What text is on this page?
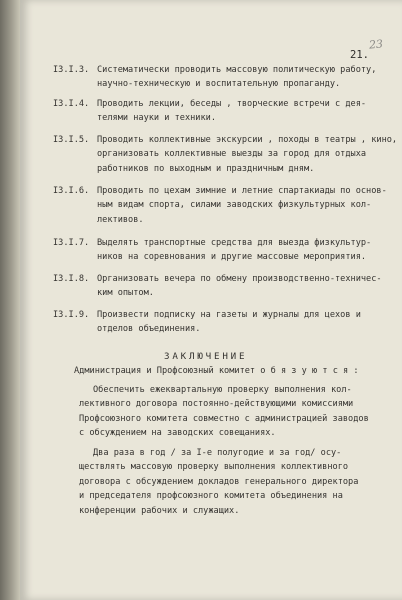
21.
23
I3.I.3. Систематически проводить массовую политическую работу,
научно-техническую и воспитательную пропаганду.
I3.I.4. Проводить лекции, беседы , творческие встречи с дея-
телями науки и техники.
I3.I.5. Проводить коллективные экскурсии , походы в театры , кино,
организовать коллективные выезды за город для отдыха
работников по выходным и праздничным дням.
I3.I.6. Проводить по цехам зимние и летние спартакиады по основ-
ным видам спорта, силами заводских физкультурных кол-
лективов.
I3.I.7. Выделять транспортные средства для выезда физкультур-
ников на соревнования и другие массовые мероприятия.
I3.I.8. Организовать вечера по обмену производственно-техничес-
ким опытом.
I3.I.9. Произвести подписку на газеты и журналы для цехов и
отделов объединения.
ЗАКЛЮЧЕНИЕ
Администрация и Профсоюзный комитет о б я з у ю т с я :
Обеспечить ежеквартальную проверку выполнения кол-
лективного договора постоянно-действующими комиссиями
Профсоюзного комитета совместно с администрацией заводов
с обсуждением на заводских совещаниях.
Два раза в год / за I-е полугодие и за год/ осу-
ществлять массовую проверку выполнения коллективного
договора с обсуждением докладов генерального директора
и председателя профсоюзного комитета объединения на
конференции рабочих и служащих.
